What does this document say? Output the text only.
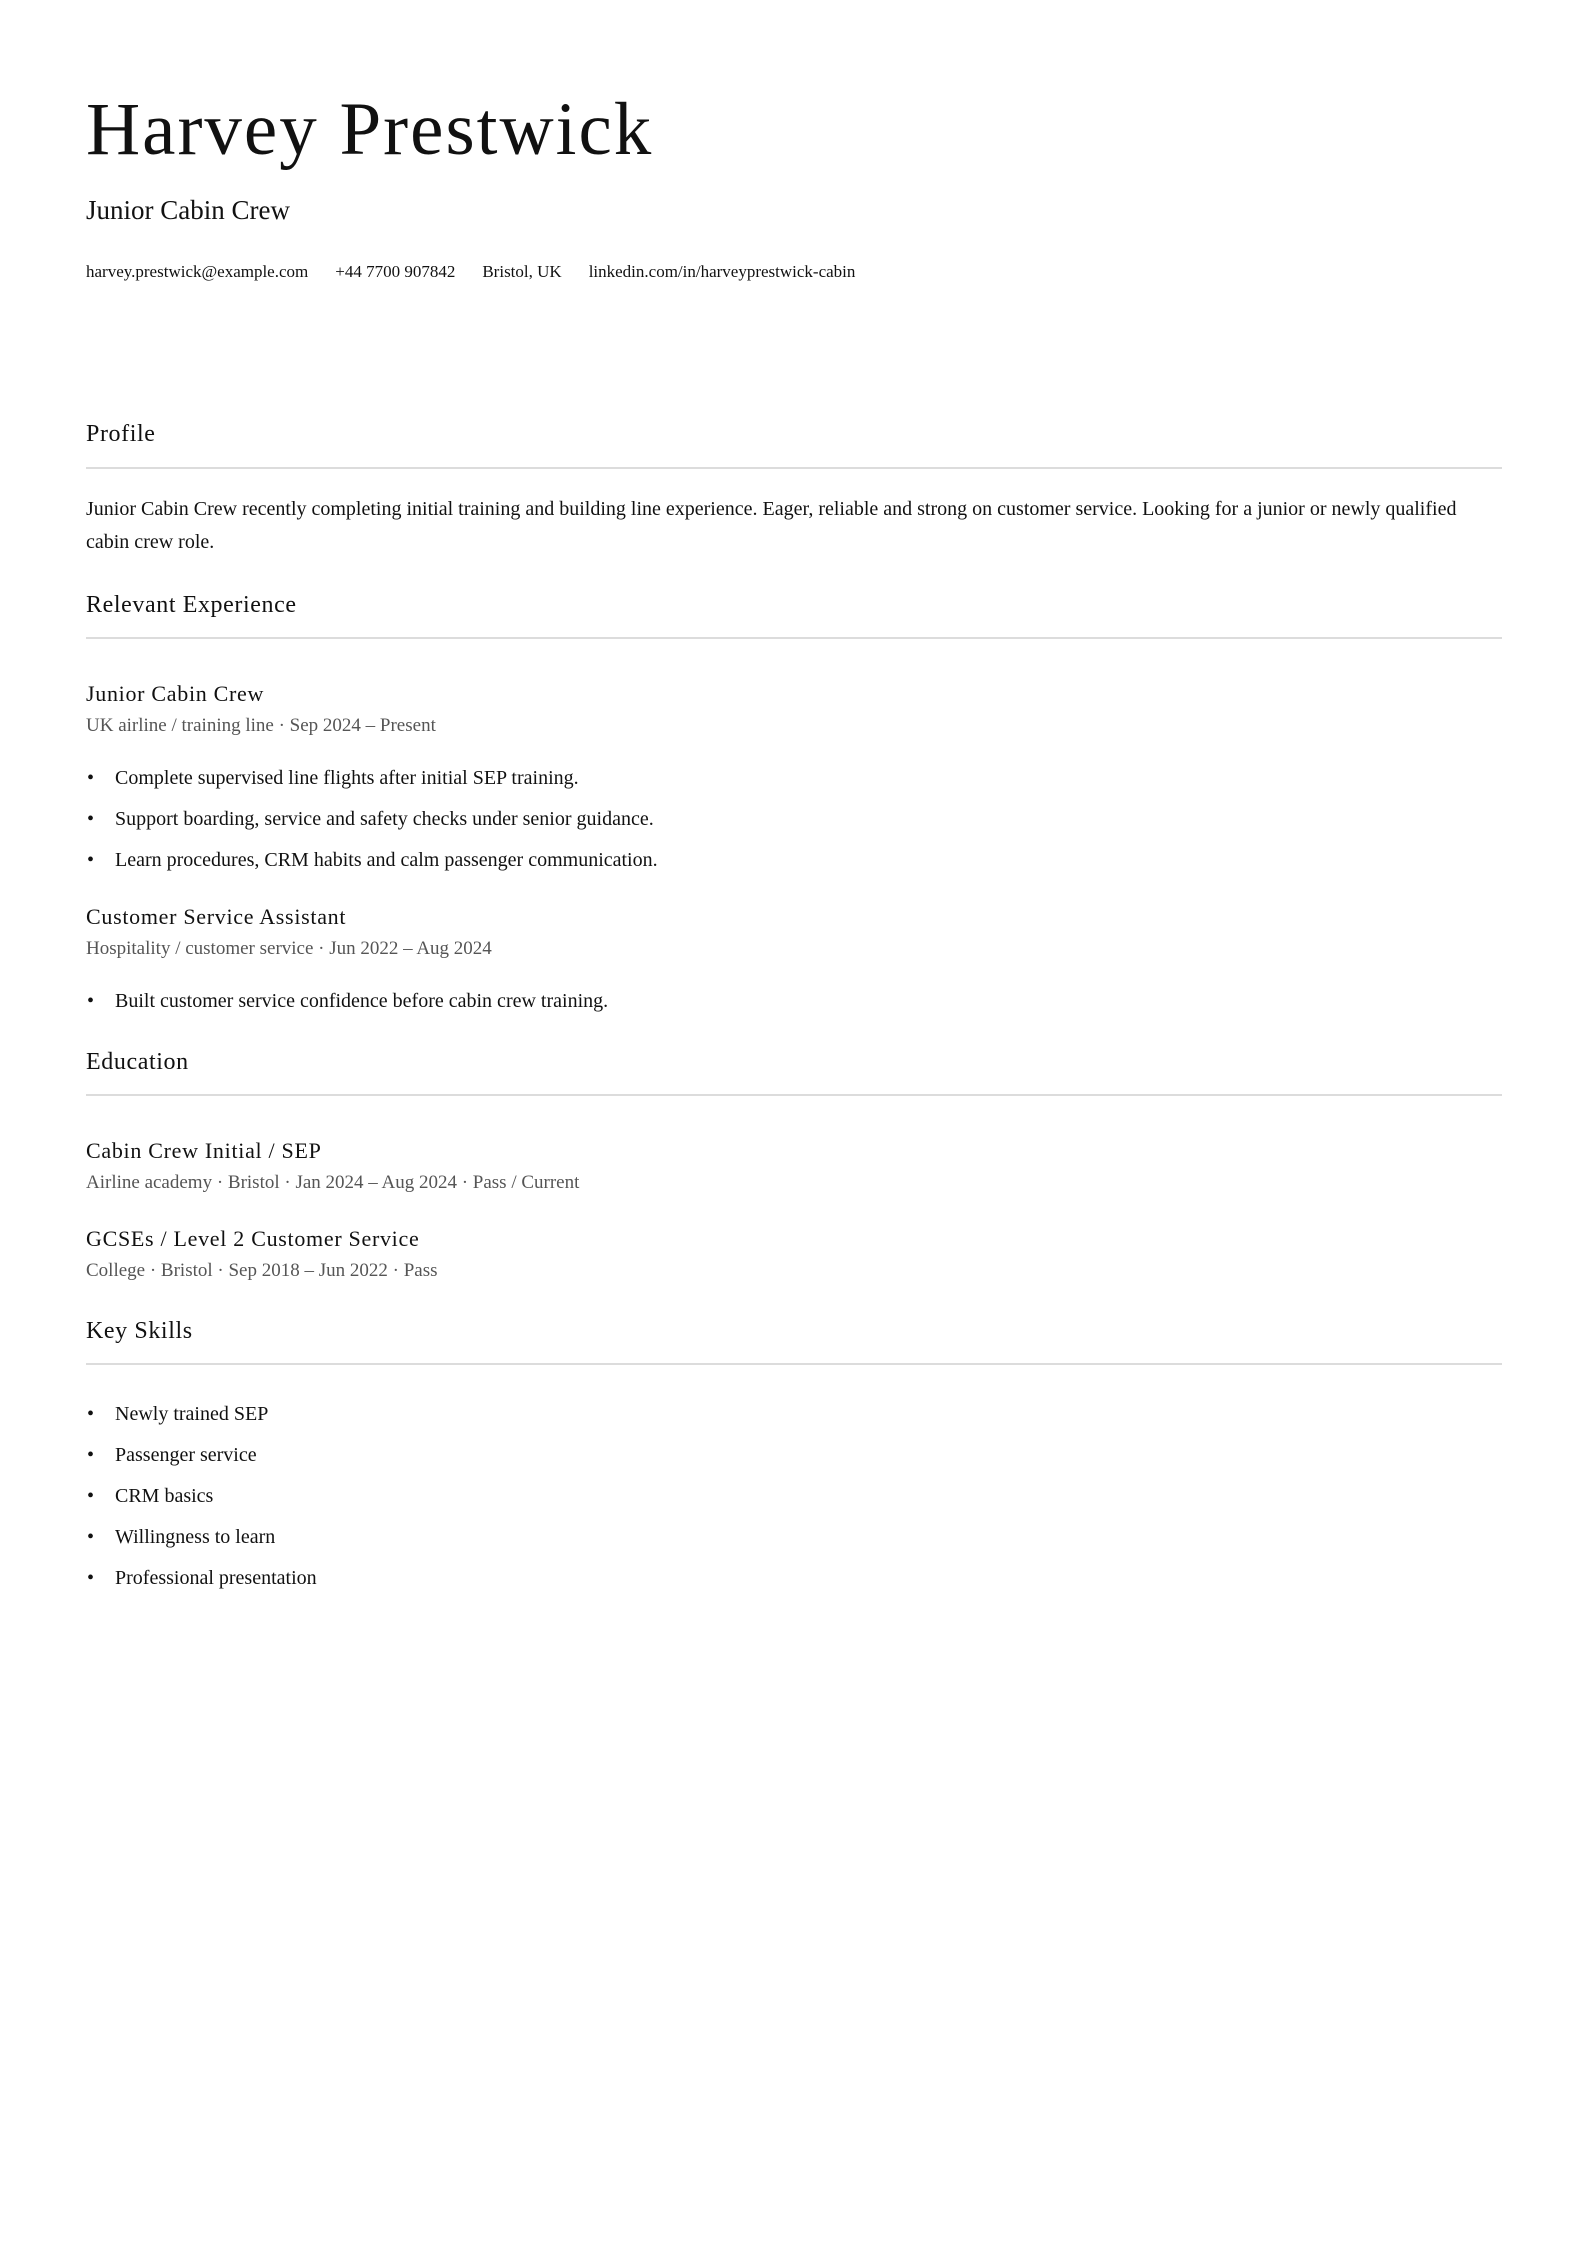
Harvey Prestwick
Junior Cabin Crew
harvey.prestwick@example.com +44 7700 907842 Bristol, UK linkedin.com/in/harveyprestwick-cabin
Profile

Junior Cabin Crew recently completing initial training and building line experience. Eager, reliable and strong on customer service. Looking for a junior or newly qualified cabin crew role.

Relevant Experience
Junior Cabin Crew
UK airline / training line · Sep 2024 – Present
• Complete supervised line flights after initial SEP training.
• Support boarding, service and safety checks under senior guidance.
• Learn procedures, CRM habits and calm passenger communication.
Customer Service Assistant
Hospitality / customer service · Jun 2022 – Aug 2024
• Built customer service confidence before cabin crew training.
Education
Cabin Crew Initial / SEP
Airline academy · Bristol · Jan 2024 – Aug 2024 · Pass / Current
GCSEs / Level 2 Customer Service
College · Bristol · Sep 2018 – Jun 2022 · Pass
Key Skills
• Newly trained SEP
• Passenger service
• CRM basics
• Willingness to learn
• Professional presentation
